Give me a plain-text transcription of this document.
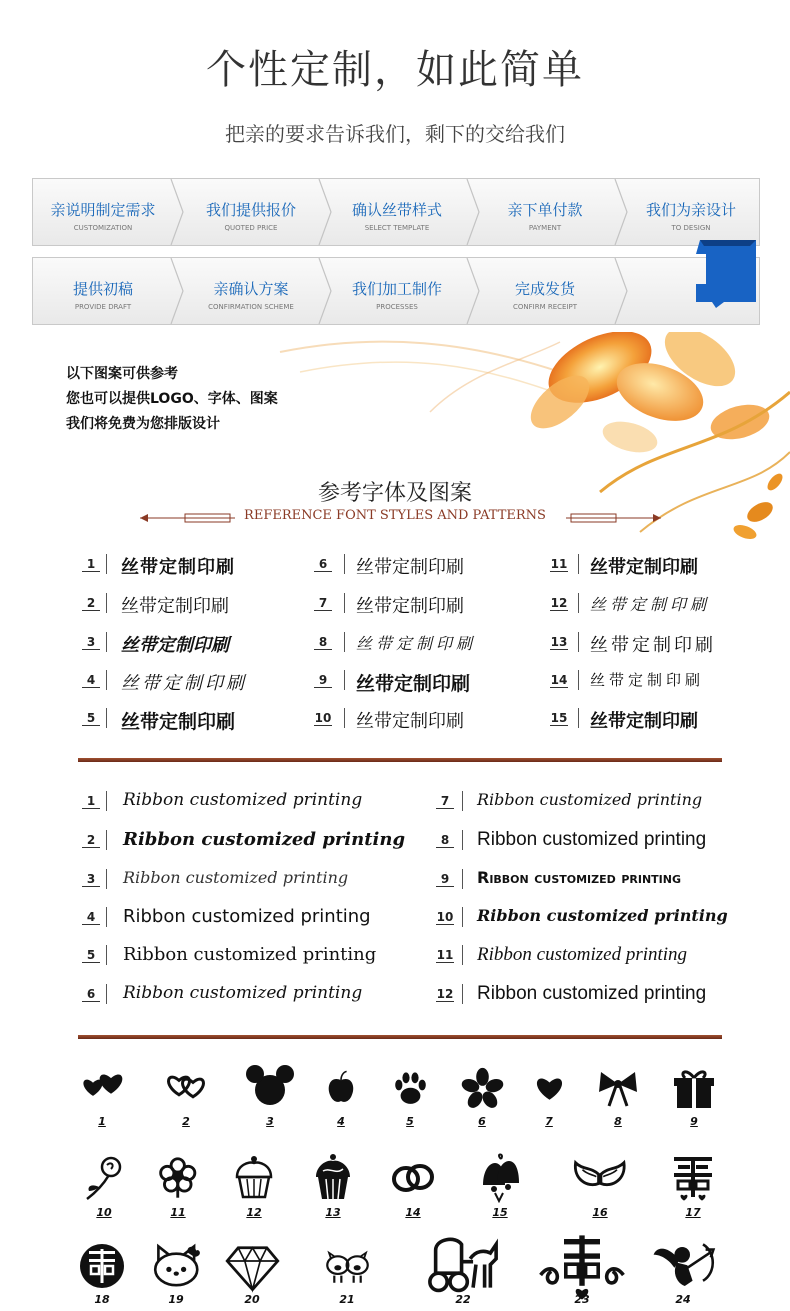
个性定制，如此简单
把亲的要求告诉我们，剩下的交给我们
亲说明制定需求
CUSTOMIZATION
我们提供报价
QUOTED PRICE
确认丝带样式
SELECT TEMPLATE
亲下单付款
PAYMENT
我们为亲设计
TO DESIGN
提供初稿
PROVIDE DRAFT
亲确认方案
CONFIRMATION SCHEME
我们加工制作
PROCESSES
完成发货
CONFIRM RECEIPT
以下图案可供参考
您也可以提供LOGO、字体、图案
我们将免费为您排版设计
参考字体及图案
REFERENCE FONT STYLES AND PATTERNS
1 丝带定制印刷
2 丝带定制印刷
3 丝带定制印刷
4 丝带定制印刷
5 丝带定制印刷
6 丝带定制印刷
7 丝带定制印刷
8	丝带定制印刷
9 丝带定制印刷
10 丝带定制印刷
11 丝带定制印刷
12 丝带定制印刷
13 丝带定制印刷
14 丝带定制印刷
15 丝带定制印刷
1 Ribbon customized printing
2 Ribbon customized printing
3	Ribbon customized printing
4 Ribbon customized printing
5 Ribbon customized printing
6 Ribbon customized printing
7	Ribbon customized printing
8 Ribbon customized printing
9	Ribbon customized printing
10 Ribbon customized printing
11 Ribbon customized printing
12 Ribbon customized printing
1	2	3	4	5	6	7	8	9
10	11	12	13	14	15	16	17
18	19	20	21	22	23	24
